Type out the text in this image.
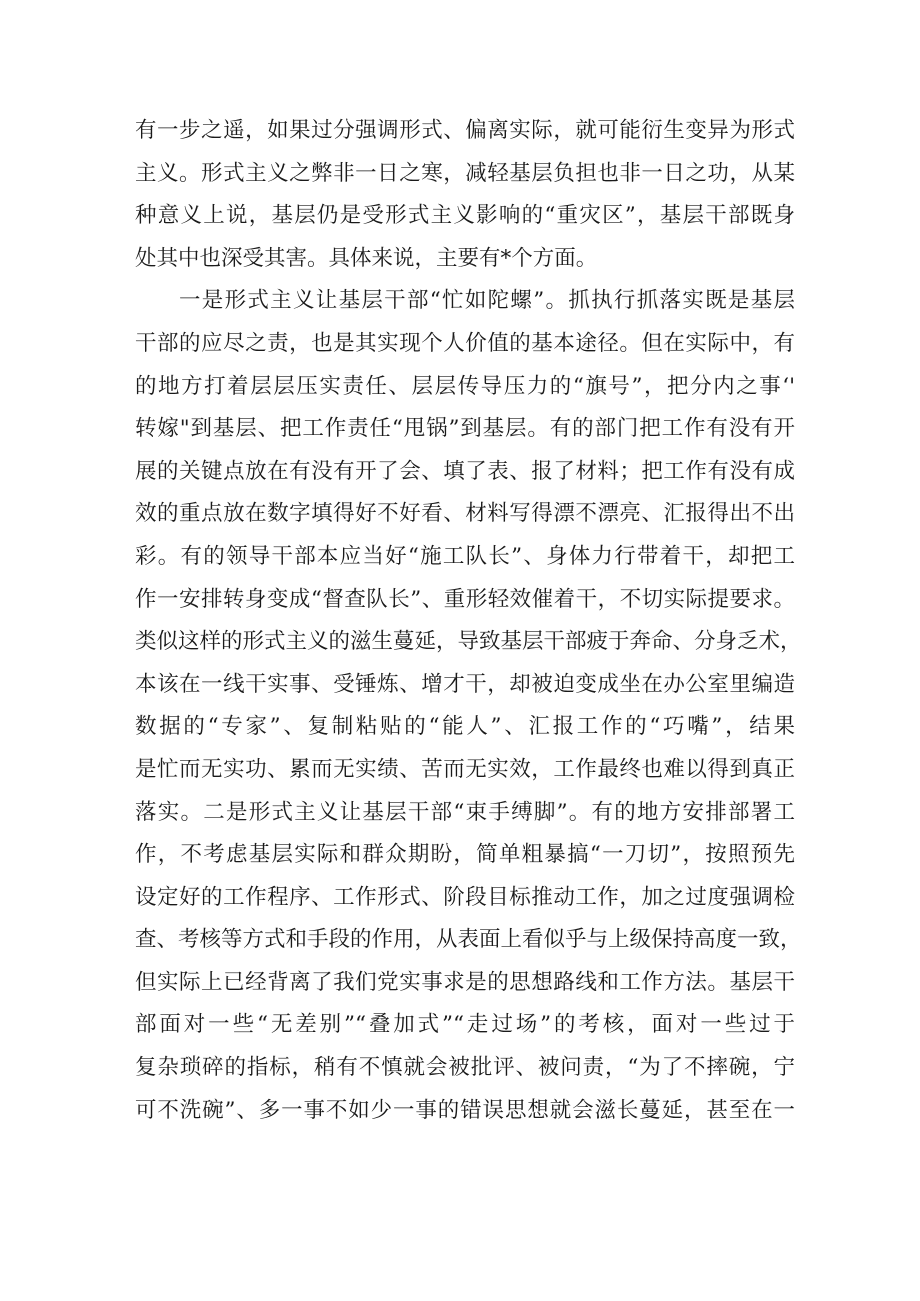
有一步之遥，如果过分强调形式、偏离实际，就可能衍生变异为形式
主义。形式主义之弊非一日之寒，减轻基层负担也非一日之功，从某
种意义上说，基层仍是受形式主义影响的“重灾区”，基层干部既身
处其中也深受其害。具体来说，主要有*个方面。
一是形式主义让基层干部“忙如陀螺”。抓执行抓落实既是基层
干部的应尽之责，也是其实现个人价值的基本途径。但在实际中，有
的地方打着层层压实责任、层层传导压力的“旗号”，把分内之事‘'
转嫁"到基层、把工作责任“甩锅”到基层。有的部门把工作有没有开
展的关键点放在有没有开了会、填了表、报了材料；把工作有没有成
效的重点放在数字填得好不好看、材料写得漂不漂亮、汇报得出不出
彩。有的领导干部本应当好“施工队长”、身体力行带着干，却把工
作一安排转身变成“督查队长”、重形轻效催着干，不切实际提要求。
类似这样的形式主义的滋生蔓延，导致基层干部疲于奔命、分身乏术，
本该在一线干实事、受锤炼、增才干，却被迫变成坐在办公室里编造
数据的“专家”、复制粘贴的“能人”、汇报工作的“巧嘴”，结果
是忙而无实功、累而无实绩、苦而无实效，工作最终也难以得到真正
落实。二是形式主义让基层干部“束手缚脚”。有的地方安排部署工
作，不考虑基层实际和群众期盼，简单粗暴搞“一刀切”，按照预先
设定好的工作程序、工作形式、阶段目标推动工作，加之过度强调检
查、考核等方式和手段的作用，从表面上看似乎与上级保持高度一致，
但实际上已经背离了我们党实事求是的思想路线和工作方法。基层干
部面对一些“无差别”“叠加式”“走过场”的考核，面对一些过于
复杂琐碎的指标，稍有不慎就会被批评、被问责，“为了不摔碗，宁
可不洗碗”、多一事不如少一事的错误思想就会滋长蔓延，甚至在一
